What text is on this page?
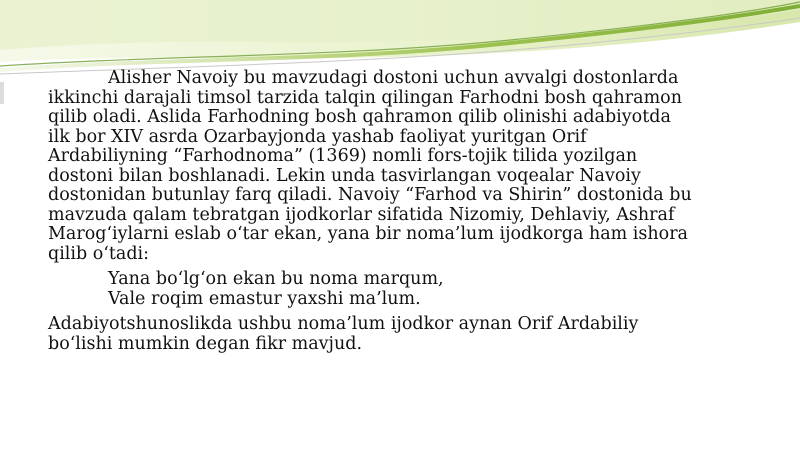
Alisher Navoiy bu mavzudagi dostoni uchun avvalgi dostonlarda
ikkinchi darajali timsol tarzida talqin qilingan Farhodni bosh qahramon
qilib oladi. Aslida Farhodning bosh qahramon qilib olinishi adabiyotda
ilk bor XIV asrda Ozarbayjonda yashab faoliyat yuritgan Orif
Ardabiliyning “Farhodnoma” (1369) nomli fors-tojik tilida yozilgan
dostoni bilan boshlanadi. Lekin unda tasvirlangan voqealar Navoiy
dostonidan butunlay farq qiladi. Navoiy “Farhod va Shirin” dostonida bu
mavzuda qalam tebratgan ijodkorlar sifatida Nizomiy, Dehlaviy, Ashraf
Marog‘iylarni eslab o‘tar ekan, yana bir noma’lum ijodkorga ham ishora
qilib o‘tadi:
Yana bo‘lg‘on ekan bu noma marqum,
Vale roqim emastur yaxshi ma’lum.
Adabiyotshunoslikda ushbu noma’lum ijodkor aynan Orif Ardabiliy
bo‘lishi mumkin degan fikr mavjud.
